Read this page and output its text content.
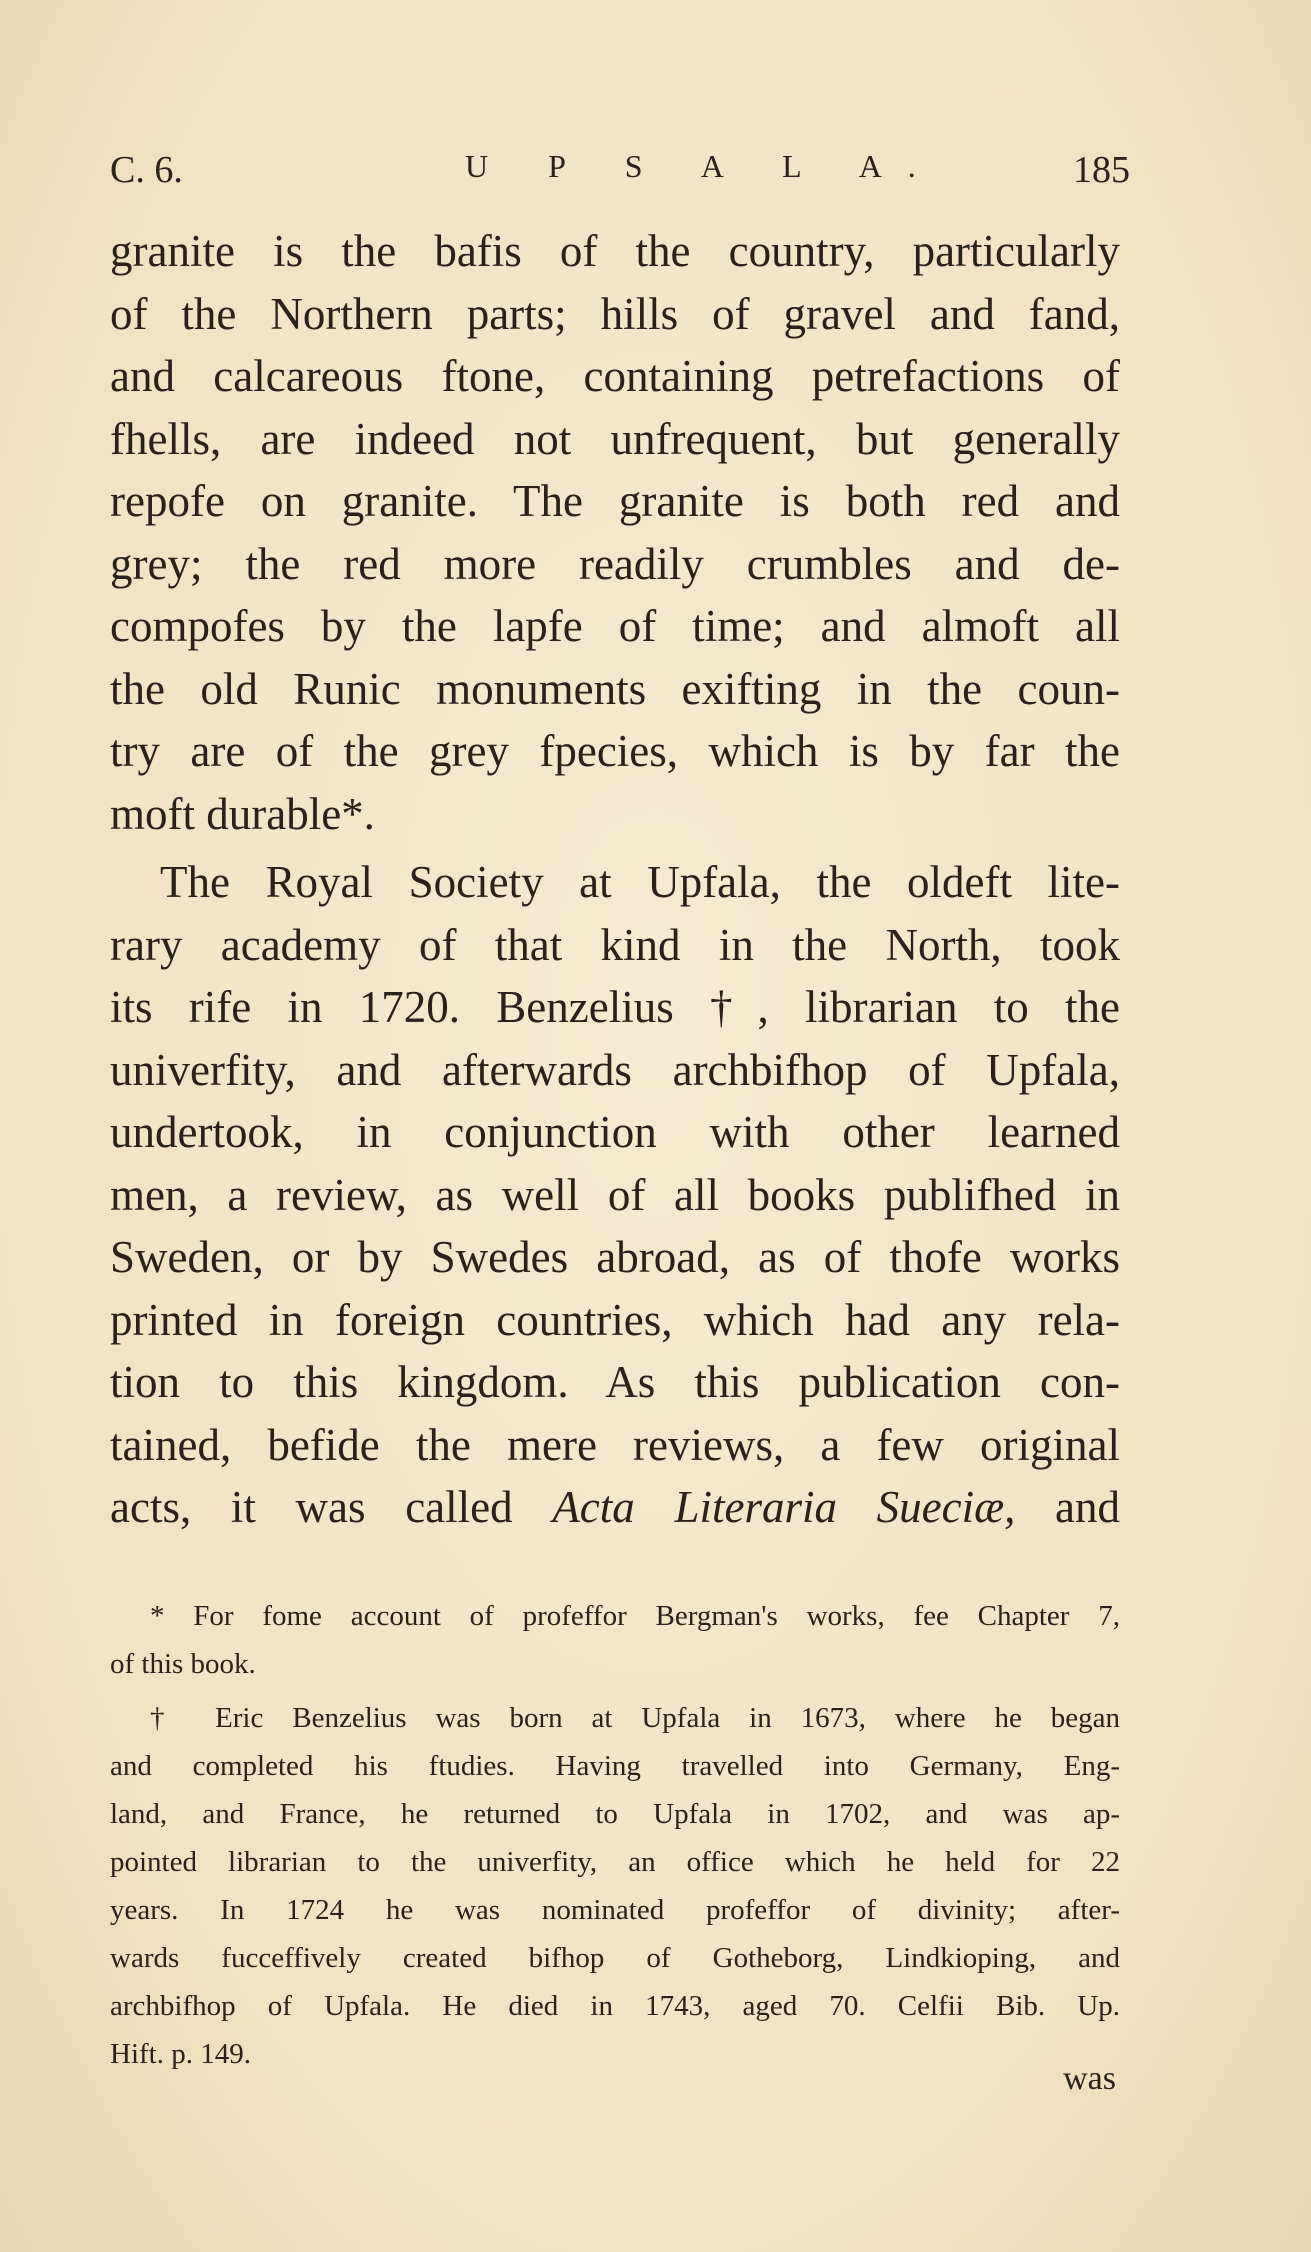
C. 6.	U P S A L A.	185
granite is the bafis of the country, particularly
of the Northern parts; hills of gravel and fand,
and calcareous ftone, containing petrefactions of
fhells, are indeed not unfrequent, but generally
repofe on granite. The granite is both red and
grey; the red more readily crumbles and de-
compofes by the lapfe of time; and almoft all
the old Runic monuments exifting in the coun-
try are of the grey fpecies, which is by far the
moft durable*.
The Royal Society at Upfala, the oldeft lite-
rary academy of that kind in the North, took
its rife in 1720. Benzelius †, librarian to the
univerfity, and afterwards archbifhop of Upfala,
undertook, in conjunction with other learned
men, a review, as well of all books publifhed in
Sweden, or by Swedes abroad, as of thofe works
printed in foreign countries, which had any rela-
tion to this kingdom. As this publication con-
tained, befide the mere reviews, a few original
acts, it was called Acta Literaria Sueciæ, and
* For fome account of profeffor Bergman's works, fee Chapter 7,
of this book.
† Eric Benzelius was born at Upfala in 1673, where he began
and completed his ftudies. Having travelled into Germany, Eng-
land, and France, he returned to Upfala in 1702, and was ap-
pointed librarian to the univerfity, an office which he held for 22
years. In 1724 he was nominated profeffor of divinity; after-
wards fucceffively created bifhop of Gotheborg, Lindkioping, and
archbifhop of Upfala. He died in 1743, aged 70. Celfii Bib. Up.
Hift. p. 149.
was
